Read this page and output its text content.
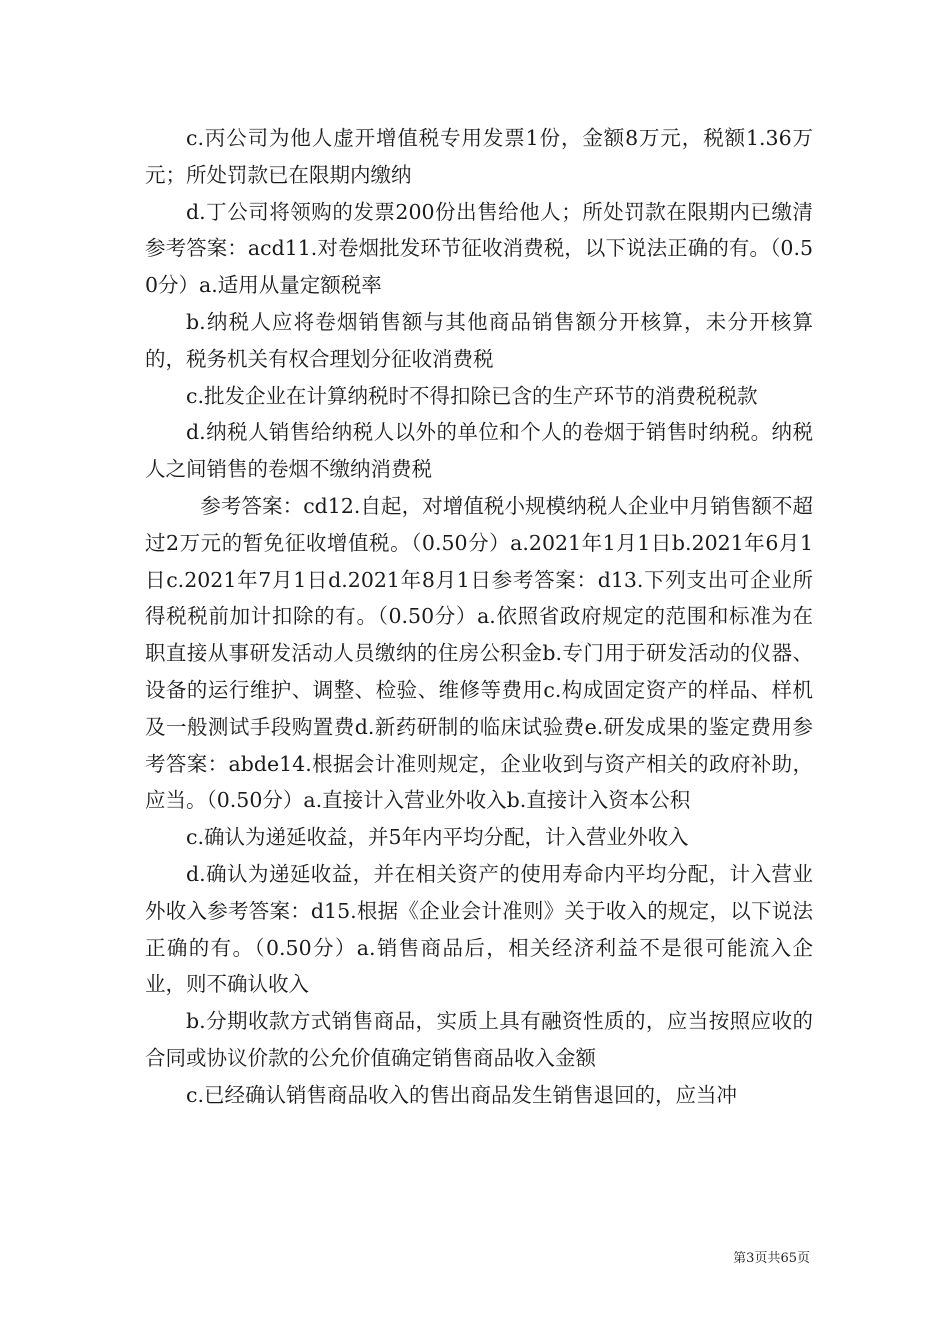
c.丙公司为他人虚开增值税专用发票1份，金额8万元，税额1.36万元；所处罚款已在限期内缴纳

d.丁公司将领购的发票200份出售给他人；所处罚款在限期内已缴清参考答案：acd11.对卷烟批发环节征收消费税，以下说法正确的有。（0.50分）a.适用从量定额税率

b.纳税人应将卷烟销售额与其他商品销售额分开核算，未分开核算的，税务机关有权合理划分征收消费税

c.批发企业在计算纳税时不得扣除已含的生产环节的消费税税款

d.纳税人销售给纳税人以外的单位和个人的卷烟于销售时纳税。纳税人之间销售的卷烟不缴纳消费税

参考答案：cd12.自起，对增值税小规模纳税人企业中月销售额不超过2万元的暂免征收增值税。（0.50分）a.2021年1月1日b.2021年6月1日c.2021年7月1日d.2021年8月1日参考答案：d13.下列支出可企业所得税税前加计扣除的有。（0.50分）a.依照省政府规定的范围和标准为在职直接从事研发活动人员缴纳的住房公积金b.专门用于研发活动的仪器、设备的运行维护、调整、检验、维修等费用c.构成固定资产的样品、样机及一般测试手段购置费d.新药研制的临床试验费e.研发成果的鉴定费用参考答案：abde14.根据会计准则规定，企业收到与资产相关的政府补助，应当。（0.50分）a.直接计入营业外收入b.直接计入资本公积

c.确认为递延收益，并5年内平均分配，计入营业外收入

d.确认为递延收益，并在相关资产的使用寿命内平均分配，计入营业外收入参考答案：d15.根据《企业会计准则》关于收入的规定，以下说法正确的有。（0.50分）a.销售商品后，相关经济利益不是很可能流入企业，则不确认收入

b.分期收款方式销售商品，实质上具有融资性质的，应当按照应收的合同或协议价款的公允价值确定销售商品收入金额

c.已经确认销售商品收入的售出商品发生销售退回的，应当冲

第3页共65页
